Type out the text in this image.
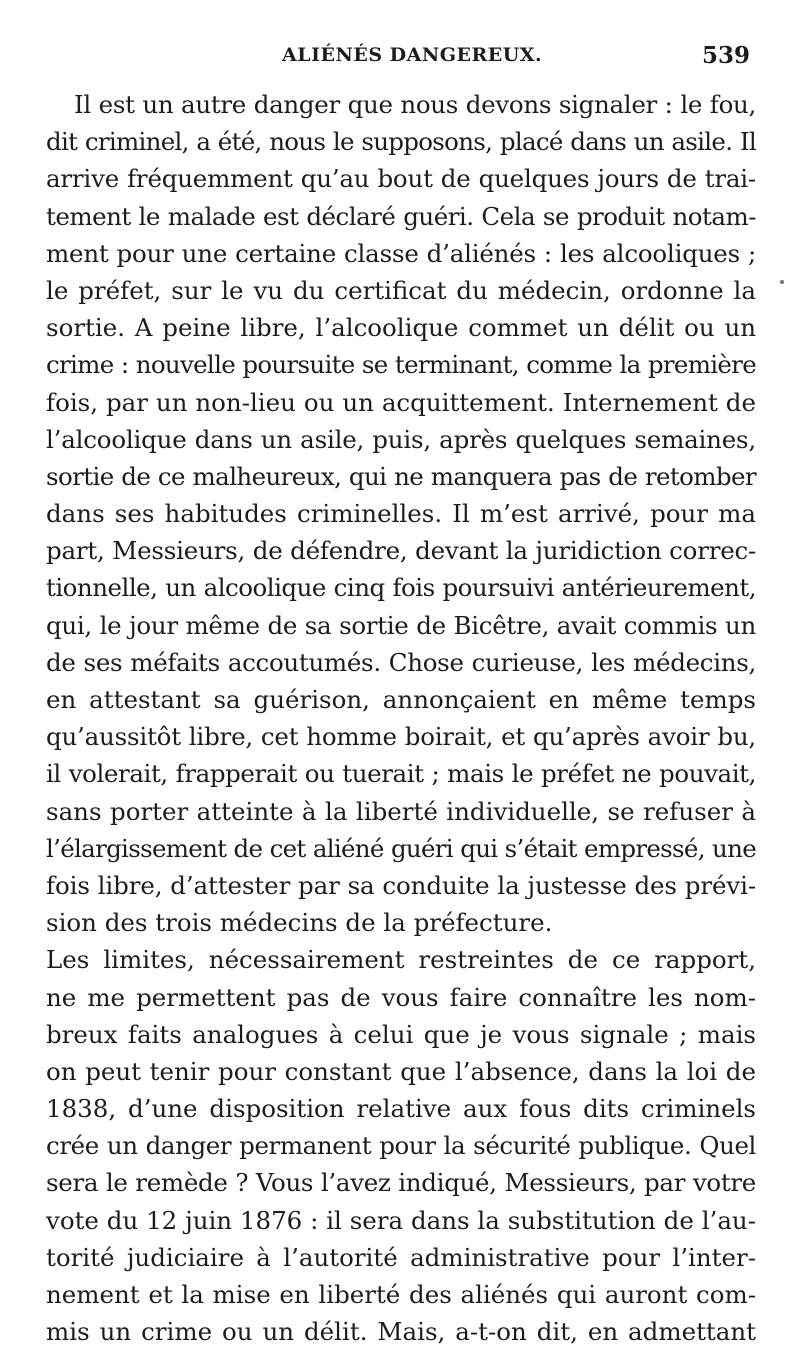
ALIÉNÉS DANGEREUX.	539
Il est un autre danger que nous devons signaler : le fou,
dit criminel, a été, nous le supposons, placé dans un asile. Il
arrive fréquemment qu’au bout de quelques jours de trai-
tement le malade est déclaré guéri. Cela se produit notam-
ment pour une certaine classe d’aliénés : les alcooliques ;
le préfet, sur le vu du certificat du médecin, ordonne la
sortie. A peine libre, l’alcoolique commet un délit ou un
crime : nouvelle poursuite se terminant, comme la première
fois, par un non-lieu ou un acquittement. Internement de
l’alcoolique dans un asile, puis, après quelques semaines,
sortie de ce malheureux, qui ne manquera pas de retomber
dans ses habitudes criminelles. Il m’est arrivé, pour ma
part, Messieurs, de défendre, devant la juridiction correc-
tionnelle, un alcoolique cinq fois poursuivi antérieurement,
qui, le jour même de sa sortie de Bicêtre, avait commis un
de ses méfaits accoutumés. Chose curieuse, les médecins,
en attestant sa guérison, annonçaient en même temps
qu’aussitôt libre, cet homme boirait, et qu’après avoir bu,
il volerait, frapperait ou tuerait ; mais le préfet ne pouvait,
sans porter atteinte à la liberté individuelle, se refuser à
l’élargissement de cet aliéné guéri qui s’était empressé, une
fois libre, d’attester par sa conduite la justesse des prévi-
sion des trois médecins de la préfecture.
Les limites, nécessairement restreintes de ce rapport,
ne me permettent pas de vous faire connaître les nom-
breux faits analogues à celui que je vous signale ; mais
on peut tenir pour constant que l’absence, dans la loi de
1838, d’une disposition relative aux fous dits criminels
crée un danger permanent pour la sécurité publique. Quel
sera le remède ? Vous l’avez indiqué, Messieurs, par votre
vote du 12 juin 1876 : il sera dans la substitution de l’au-
torité judiciaire à l’autorité administrative pour l’inter-
nement et la mise en liberté des aliénés qui auront com-
mis un crime ou un délit. Mais, a-t-on dit, en admettant
